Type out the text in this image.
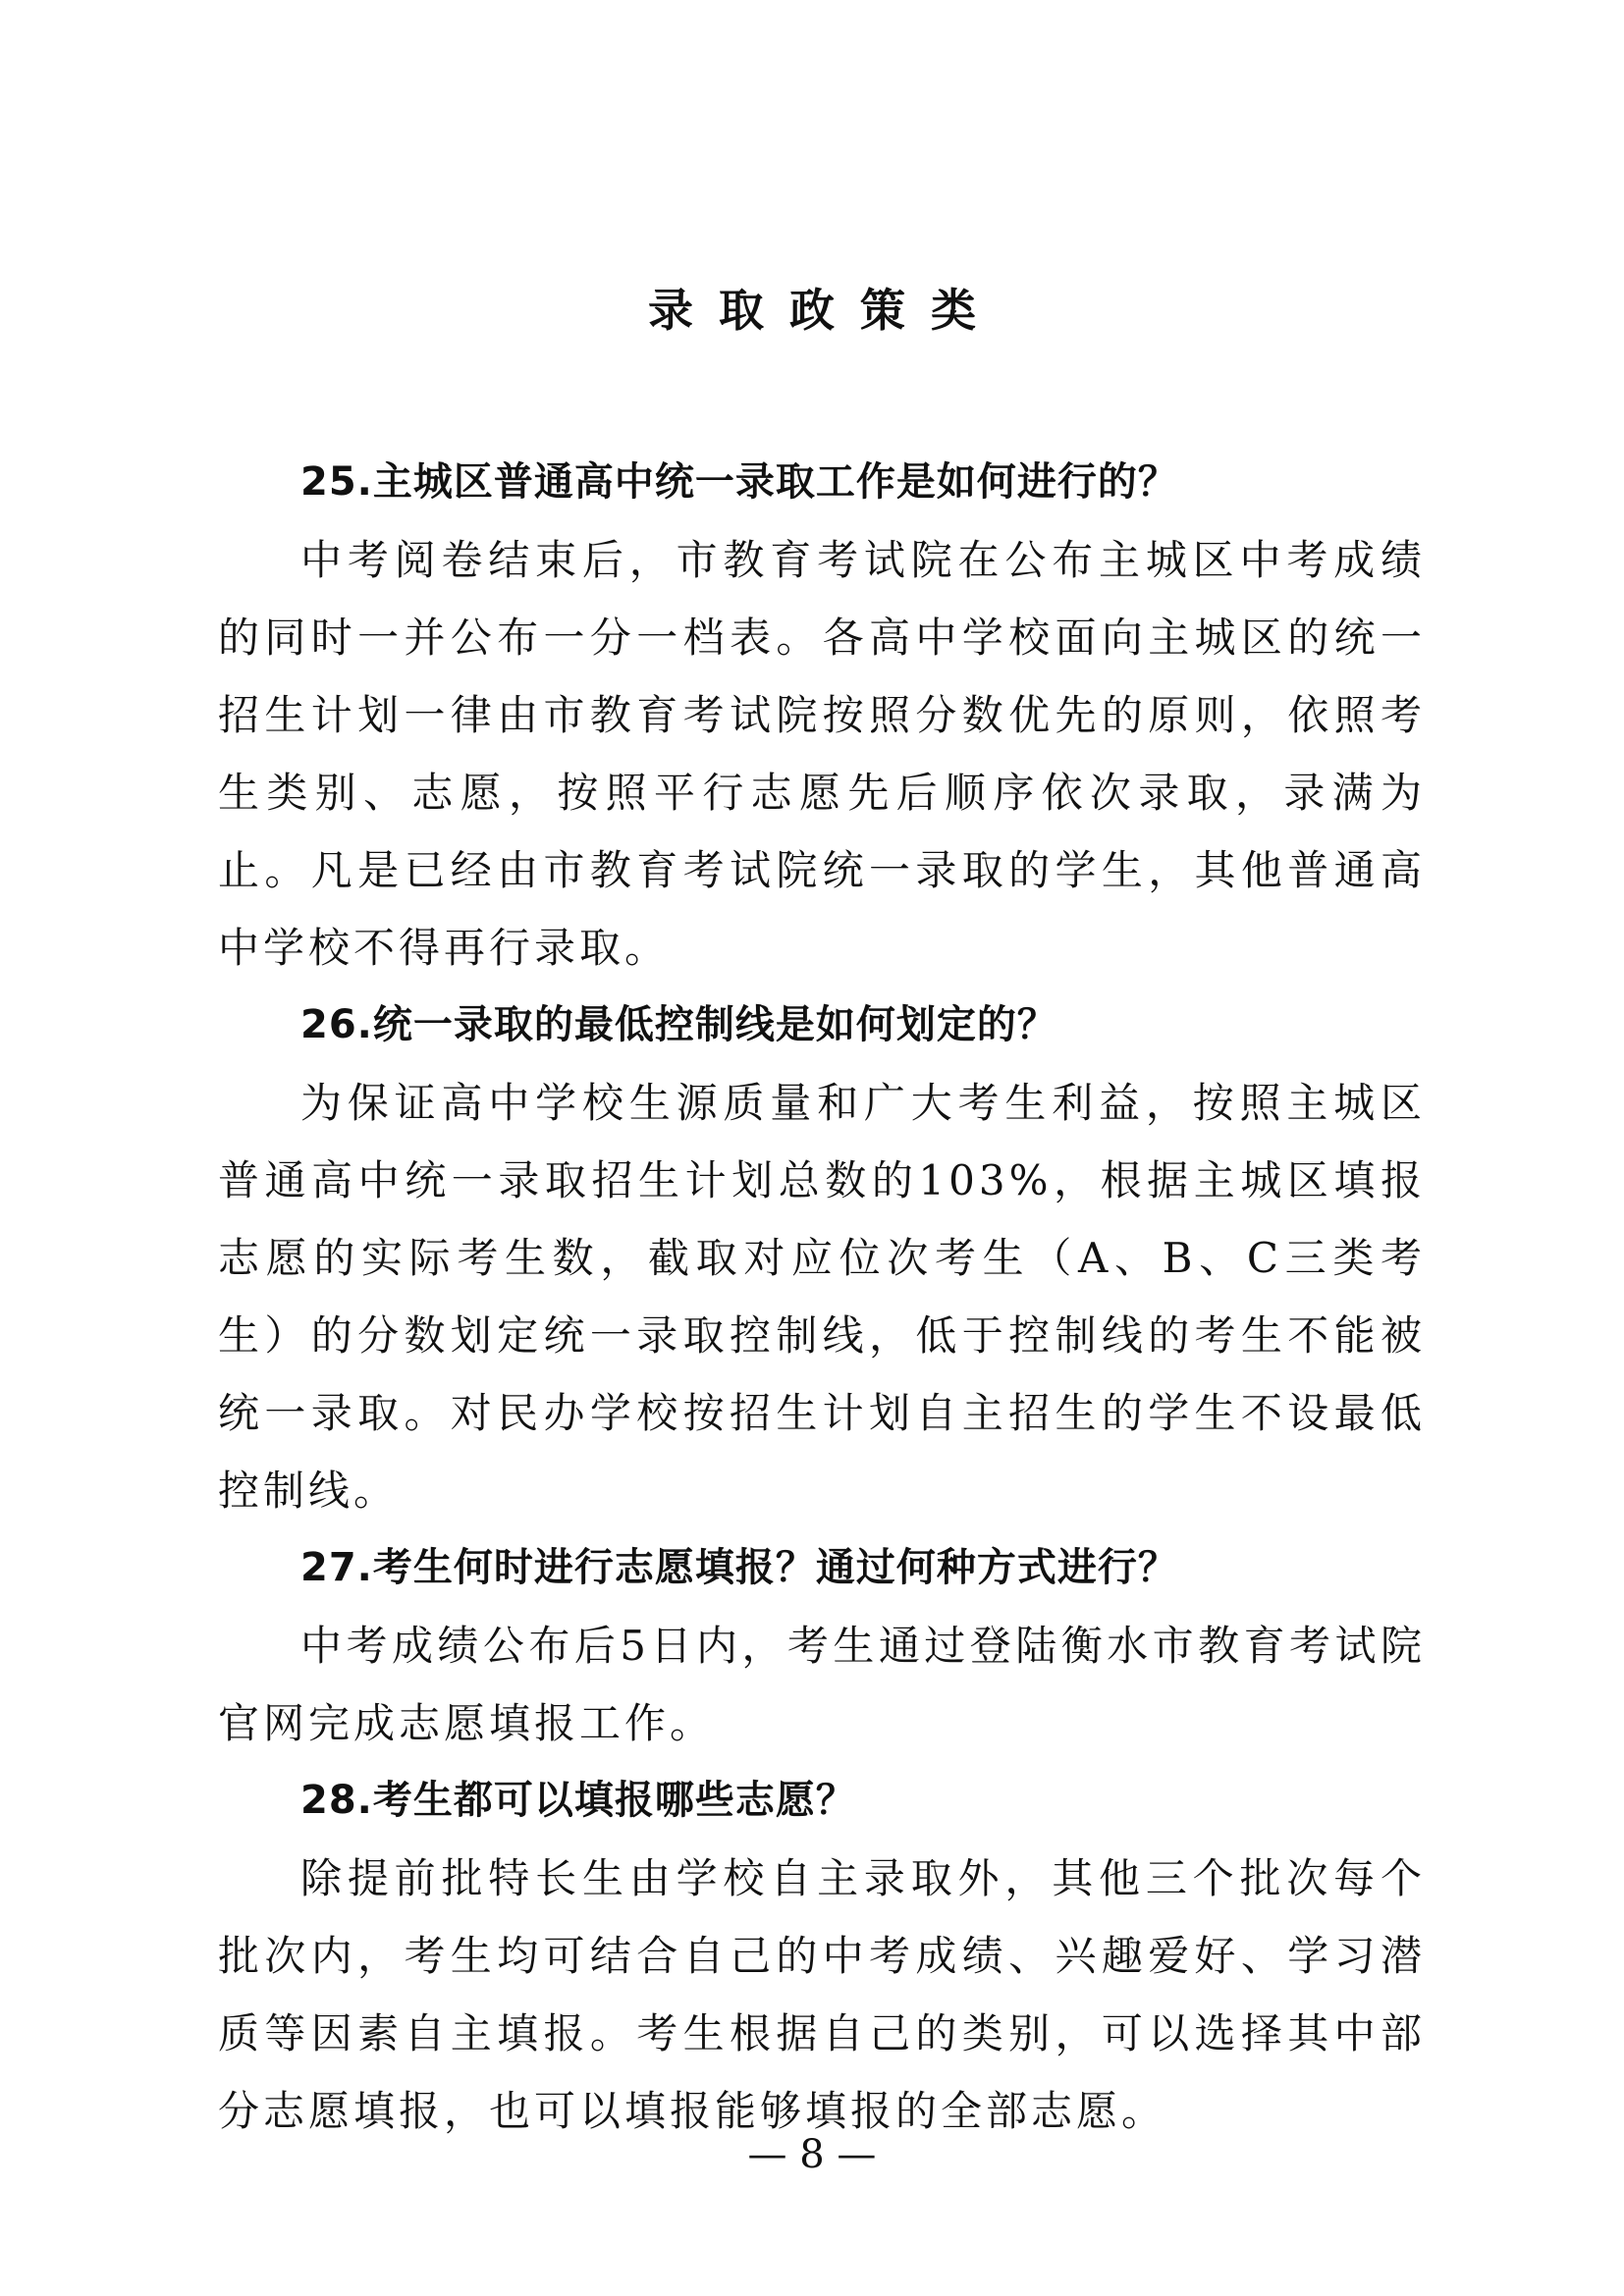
录取政策类

25.主城区普通高中统一录取工作是如何进行的？

中考阅卷结束后，市教育考试院在公布主城区中考成绩的同时一并公布一分一档表。各高中学校面向主城区的统一招生计划一律由市教育考试院按照分数优先的原则，依照考生类别、志愿，按照平行志愿先后顺序依次录取，录满为止。凡是已经由市教育考试院统一录取的学生，其他普通高中学校不得再行录取。

26.统一录取的最低控制线是如何划定的？

为保证高中学校生源质量和广大考生利益，按照主城区普通高中统一录取招生计划总数的103%，根据主城区填报志愿的实际考生数，截取对应位次考生（A、B、C三类考生）的分数划定统一录取控制线，低于控制线的考生不能被统一录取。对民办学校按招生计划自主招生的学生不设最低控制线。

27.考生何时进行志愿填报？通过何种方式进行？

中考成绩公布后5日内，考生通过登陆衡水市教育考试院官网完成志愿填报工作。

28.考生都可以填报哪些志愿？

除提前批特长生由学校自主录取外，其他三个批次每个批次内，考生均可结合自己的中考成绩、兴趣爱好、学习潜质等因素自主填报。考生根据自己的类别，可以选择其中部分志愿填报，也可以填报能够填报的全部志愿。

— 8 —
